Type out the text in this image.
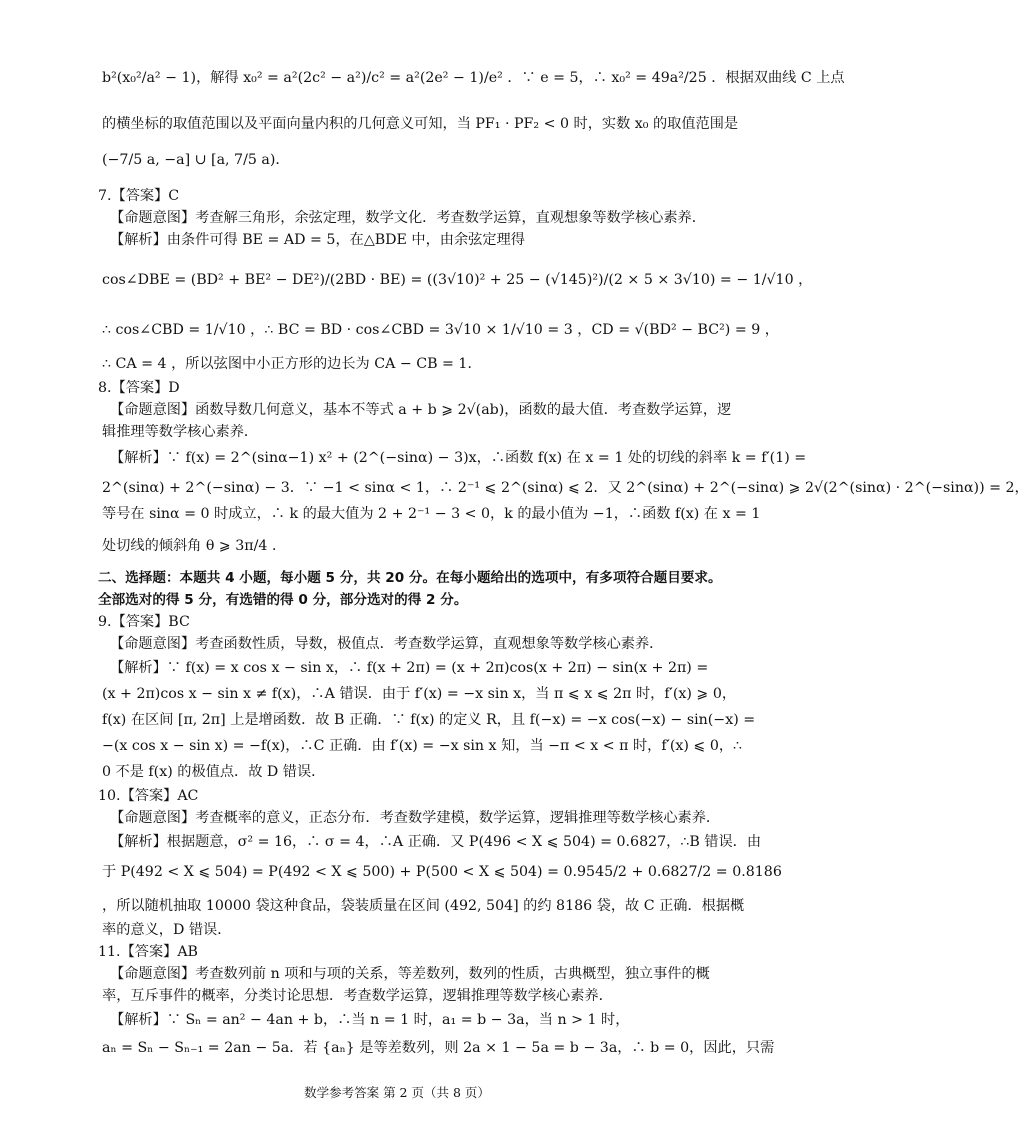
b²(x₀²/a² − 1)，解得 x₀² = a²(2c² − a²)/c² = a²(2e² − 1)/e² ．∵ e = 5，∴ x₀² = 49a²/25 ．根据双曲线 C 上点
的横坐标的取值范围以及平面向量内积的几何意义可知，当 PF₁ · PF₂ < 0 时，实数 x₀ 的取值范围是
(−7/5 a, −a] ∪ [a, 7/5 a)．
7.【答案】C
【命题意图】考查解三角形，余弦定理，数学文化．考查数学运算，直观想象等数学核心素养．
【解析】由条件可得 BE = AD = 5，在△BDE 中，由余弦定理得
cos∠DBE = (BD² + BE² − DE²)/(2BD · BE) = ((3√10)² + 25 − (√145)²)/(2 × 5 × 3√10) = − 1/√10 ，
∴ cos∠CBD = 1/√10 ，∴ BC = BD · cos∠CBD = 3√10 × 1/√10 = 3 ，CD = √(BD² − BC²) = 9 ，
∴ CA = 4 ，所以弦图中小正方形的边长为 CA − CB = 1．
8.【答案】D
【命题意图】函数导数几何意义，基本不等式 a + b ⩾ 2√(ab)，函数的最大值．考查数学运算，逻
辑推理等数学核心素养．
【解析】∵ f(x) = 2^(sinα−1) x² + (2^(−sinα) − 3)x，∴函数 f(x) 在 x = 1 处的切线的斜率 k = f′(1) =
2^(sinα) + 2^(−sinα) − 3．∵ −1 < sinα < 1，∴ 2⁻¹ ⩽ 2^(sinα) ⩽ 2．又 2^(sinα) + 2^(−sinα) ⩾ 2√(2^(sinα) · 2^(−sinα)) = 2，
等号在 sinα = 0 时成立，∴ k 的最大值为 2 + 2⁻¹ − 3 < 0，k 的最小值为 −1，∴函数 f(x) 在 x = 1
处切线的倾斜角 θ ⩾ 3π/4 ．
二、选择题：本题共 4 小题，每小题 5 分，共 20 分。在每小题给出的选项中，有多项符合题目要求。
全部选对的得 5 分，有选错的得 0 分，部分选对的得 2 分。
9.【答案】BC
【命题意图】考查函数性质，导数，极值点．考查数学运算，直观想象等数学核心素养．
【解析】∵ f(x) = x cos x − sin x，∴ f(x + 2π) = (x + 2π)cos(x + 2π) − sin(x + 2π) =
(x + 2π)cos x − sin x ≠ f(x)，∴A 错误．由于 f′(x) = −x sin x，当 π ⩽ x ⩽ 2π 时，f′(x) ⩾ 0，
f(x) 在区间 [π, 2π] 上是增函数．故 B 正确．∵ f(x) 的定义 R，且 f(−x) = −x cos(−x) − sin(−x) =
−(x cos x − sin x) = −f(x)，∴C 正确．由 f′(x) = −x sin x 知，当 −π < x < π 时，f′(x) ⩽ 0，∴
0 不是 f(x) 的极值点．故 D 错误．
10.【答案】AC
【命题意图】考查概率的意义，正态分布．考查数学建模，数学运算，逻辑推理等数学核心素养．
【解析】根据题意，σ² = 16，∴ σ = 4，∴A 正确．又 P(496 < X ⩽ 504) = 0.6827，∴B 错误．由
于 P(492 < X ⩽ 504) = P(492 < X ⩽ 500) + P(500 < X ⩽ 504) = 0.9545/2 + 0.6827/2 = 0.8186
，所以随机抽取 10000 袋这种食品，袋装质量在区间 (492, 504] 的约 8186 袋，故 C 正确．根据概
率的意义，D 错误．
11.【答案】AB
【命题意图】考查数列前 n 项和与项的关系，等差数列，数列的性质，古典概型，独立事件的概
率，互斥事件的概率，分类讨论思想．考查数学运算，逻辑推理等数学核心素养．
【解析】∵ Sₙ = an² − 4an + b，∴当 n = 1 时，a₁ = b − 3a，当 n > 1 时，
aₙ = Sₙ − Sₙ₋₁ = 2an − 5a．若 {aₙ} 是等差数列，则 2a × 1 − 5a = b − 3a，∴ b = 0，因此，只需
数学参考答案 第 2 页（共 8 页）
